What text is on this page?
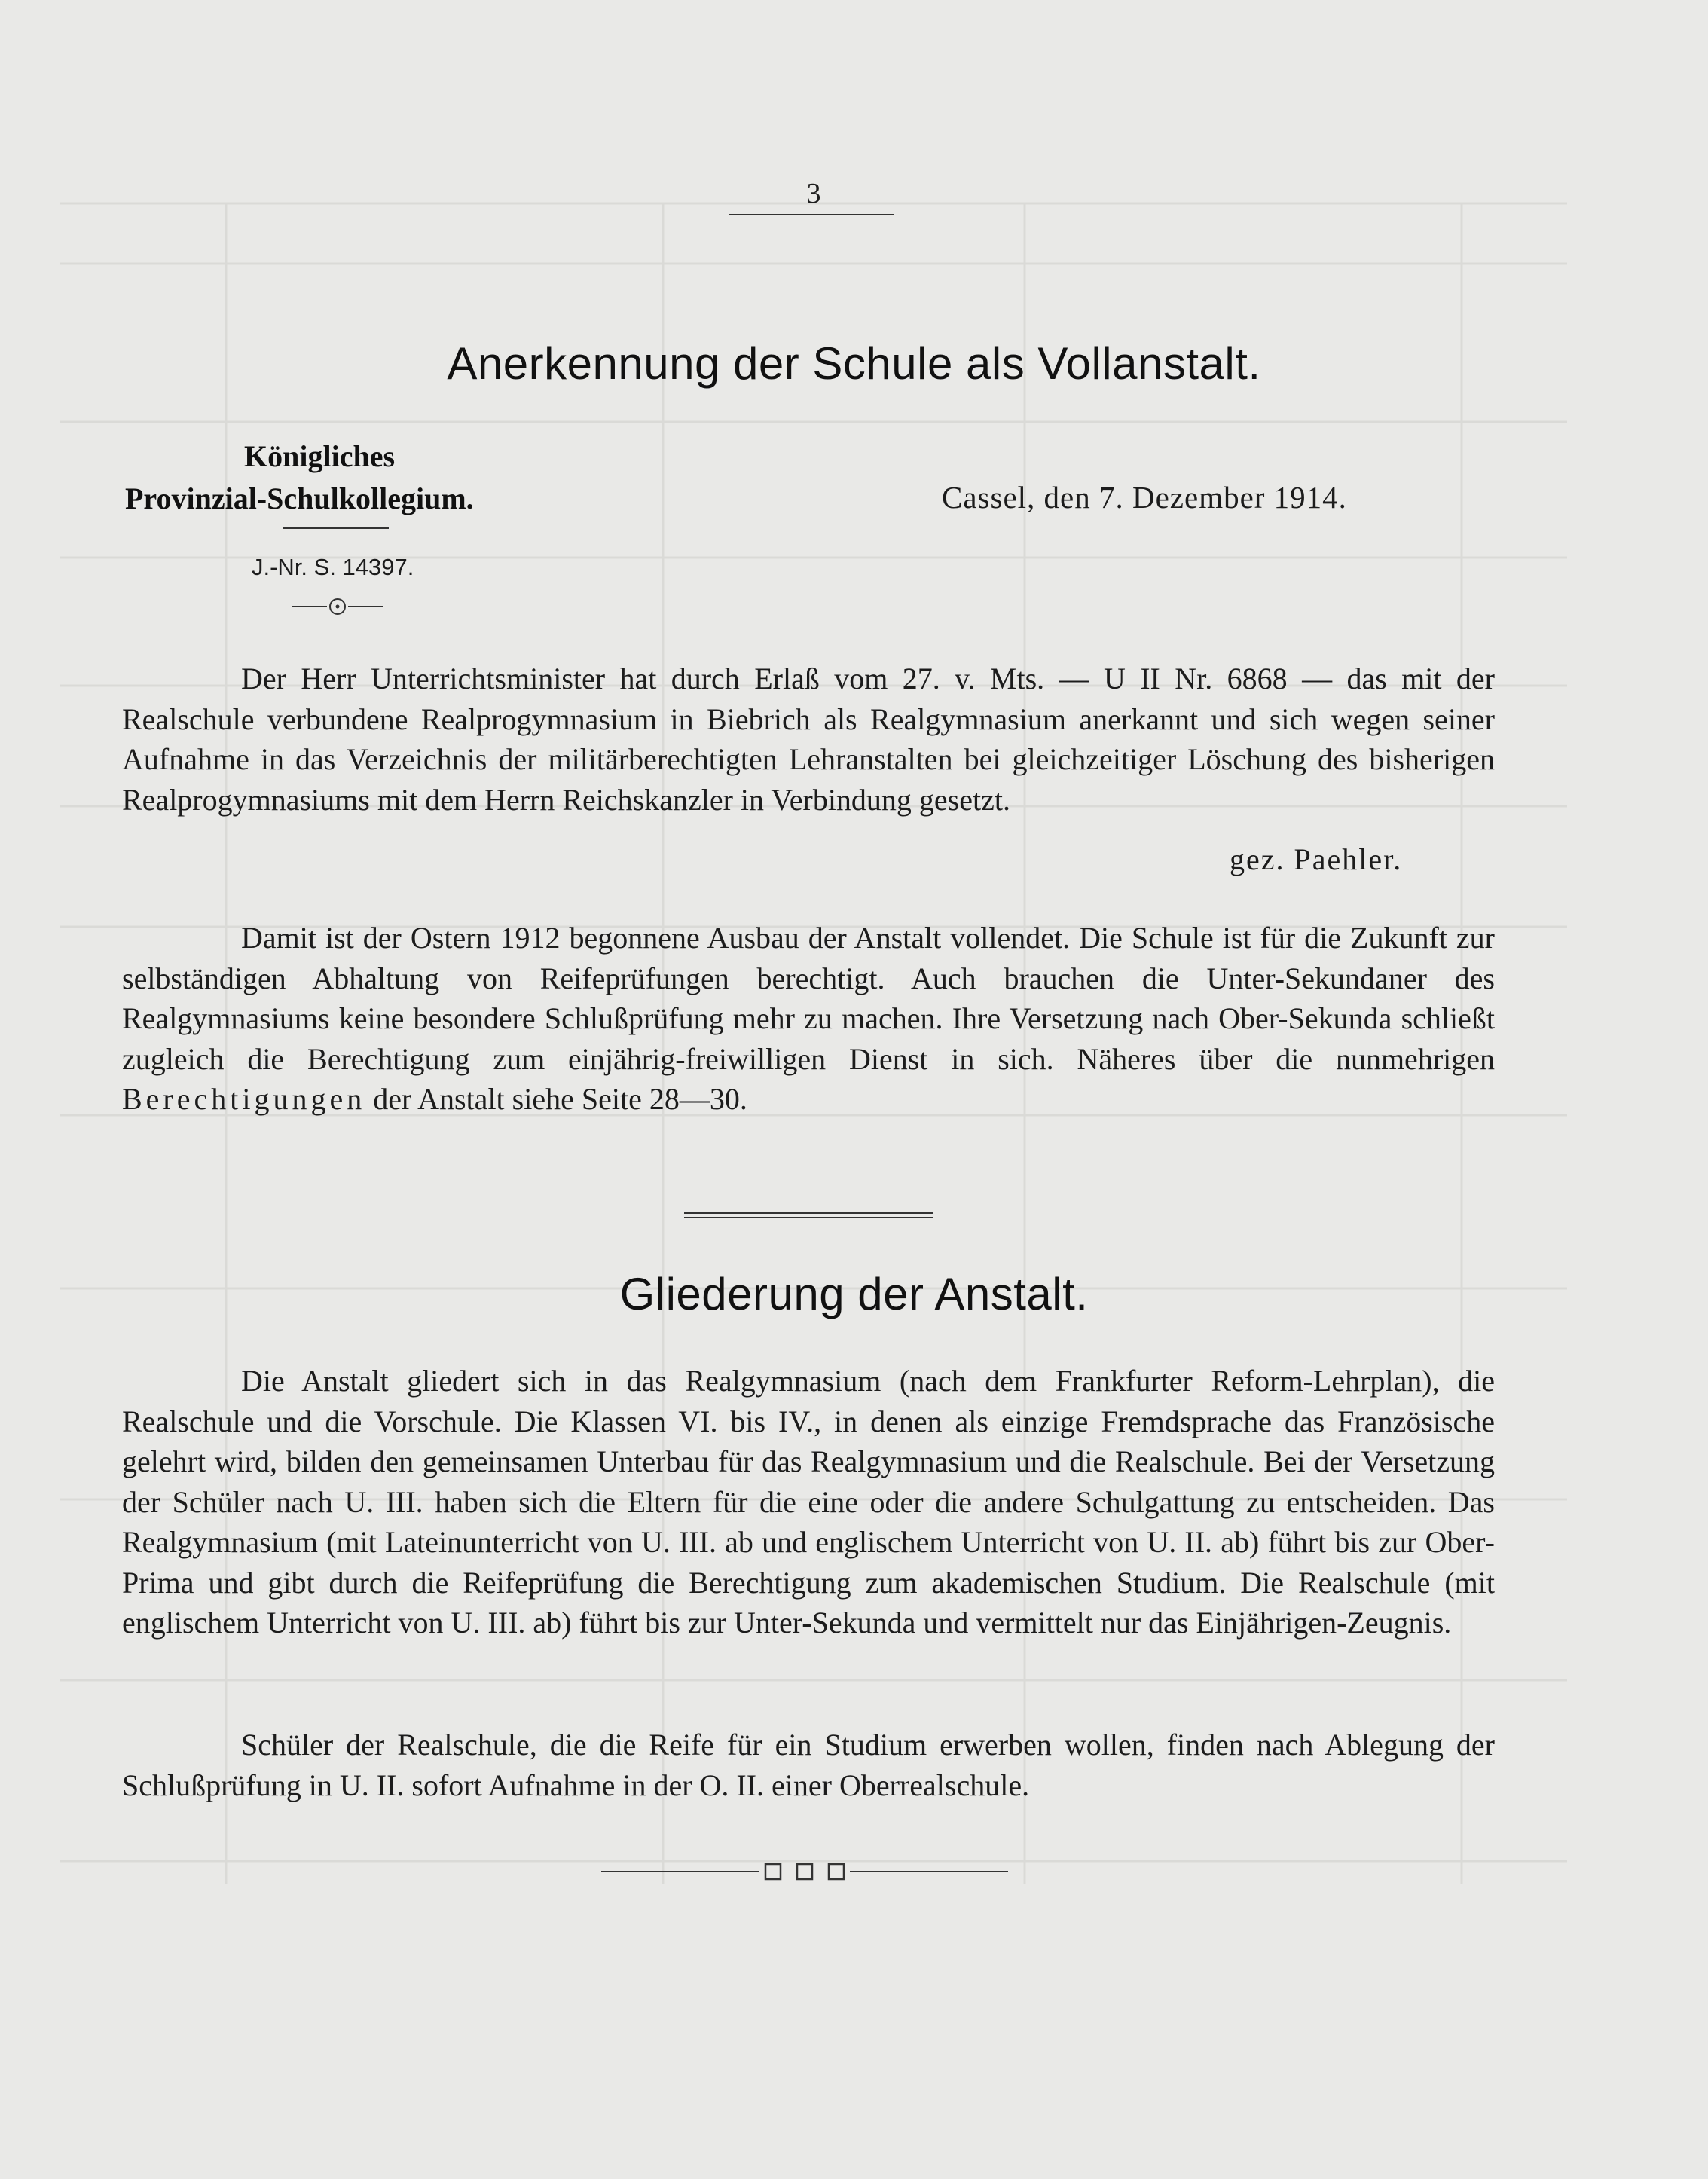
3
Anerkennung der Schule als Vollanstalt.
Königliches
Provinzial-Schulkollegium.	Cassel, den 7. Dezember 1914.
J.-Nr. S. 14397.
Der Herr Unterrichtsminister hat durch Erlaß vom 27. v. Mts. — U II Nr. 6868 — das mit der Realschule verbundene Realprogymnasium in Biebrich als Realgymnasium anerkannt und sich wegen seiner Aufnahme in das Verzeichnis der militärberechtigten Lehranstalten bei gleichzeitiger Löschung des bisherigen Realprogymnasiums mit dem Herrn Reichskanzler in Verbindung gesetzt.
gez. Paehler.
Damit ist der Ostern 1912 begonnene Ausbau der Anstalt vollendet. Die Schule ist für die Zukunft zur selbständigen Abhaltung von Reifeprüfungen berechtigt. Auch brauchen die Unter-Sekundaner des Realgymnasiums keine besondere Schlußprüfung mehr zu machen. Ihre Versetzung nach Ober-Sekunda schließt zugleich die Berechtigung zum einjährig-freiwilligen Dienst in sich. Näheres über die nunmehrigen Berechtigungen der Anstalt siehe Seite 28—30.
Gliederung der Anstalt.
Die Anstalt gliedert sich in das Realgymnasium (nach dem Frankfurter Reform-Lehrplan), die Realschule und die Vorschule. Die Klassen VI. bis IV., in denen als einzige Fremdsprache das Französische gelehrt wird, bilden den gemeinsamen Unterbau für das Realgymnasium und die Realschule. Bei der Versetzung der Schüler nach U. III. haben sich die Eltern für die eine oder die andere Schulgattung zu entscheiden. Das Realgymnasium (mit Lateinunterricht von U. III. ab und englischem Unterricht von U. II. ab) führt bis zur Ober-Prima und gibt durch die Reifeprüfung die Berechtigung zum akademischen Studium. Die Realschule (mit englischem Unterricht von U. III. ab) führt bis zur Unter-Sekunda und vermittelt nur das Einjährigen-Zeugnis.
Schüler der Realschule, die die Reife für ein Studium erwerben wollen, finden nach Ablegung der Schlußprüfung in U. II. sofort Aufnahme in der O. II. einer Oberrealschule.
